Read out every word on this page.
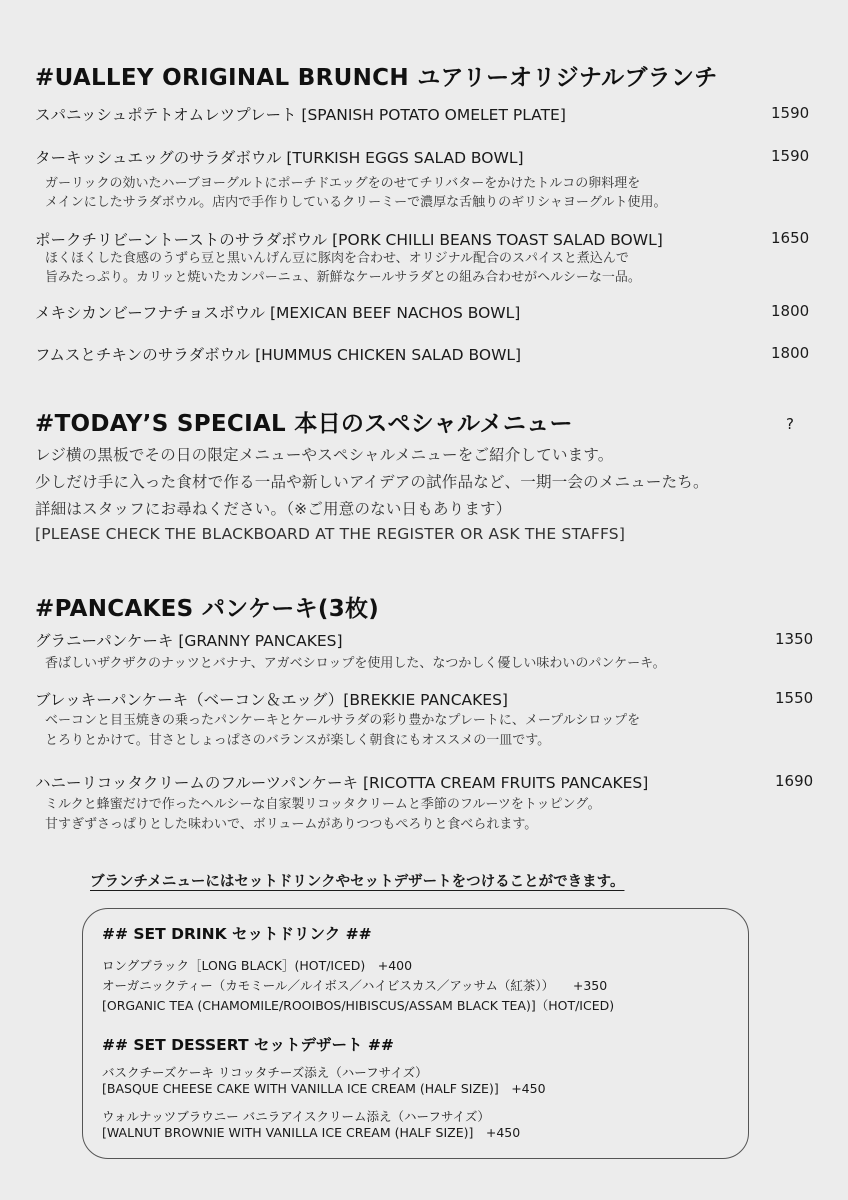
#UALLEY ORIGINAL BRUNCH ユアリーオリジナルブランチ
スパニッシュポテトオムレツプレート [SPANISH POTATO OMELET PLATE]	1590
ターキッシュエッグのサラダボウル [TURKISH EGGS SALAD BOWL]	1590
ガーリックの効いたハーブヨーグルトにポーチドエッグをのせてチリバターをかけたトルコの卵料理を
メインにしたサラダボウル。店内で手作りしているクリーミーで濃厚な舌触りのギリシャヨーグルト使用。
ポークチリビーントーストのサラダボウル [PORK CHILLI BEANS TOAST SALAD BOWL]	1650
ほくほくした食感のうずら豆と黒いんげん豆に豚肉を合わせ、オリジナル配合のスパイスと煮込んで
旨みたっぷり。カリッと焼いたカンパーニュ、新鮮なケールサラダとの組み合わせがヘルシーな一品。
メキシカンビーフナチョスボウル [MEXICAN BEEF NACHOS BOWL]	1800
フムスとチキンのサラダボウル [HUMMUS CHICKEN SALAD BOWL]	1800
#TODAY’S SPECIAL 本日のスペシャルメニュー	?
レジ横の黒板でその日の限定メニューやスペシャルメニューをご紹介しています。
少しだけ手に入った食材で作る一品や新しいアイデアの試作品など、一期一会のメニューたち。
詳細はスタッフにお尋ねください。（※ご用意のない日もあります）
[PLEASE CHECK THE BLACKBOARD AT THE REGISTER OR ASK THE STAFFS]
#PANCAKES パンケーキ(3枚)
グラニーパンケーキ [GRANNY PANCAKES]	1350
香ばしいザクザクのナッツとバナナ、アガベシロップを使用した、なつかしく優しい味わいのパンケーキ。
ブレッキーパンケーキ（ベーコン＆エッグ）[BREKKIE PANCAKES]	1550
ベーコンと目玉焼きの乗ったパンケーキとケールサラダの彩り豊かなプレートに、メープルシロップを
とろりとかけて。甘さとしょっぱさのバランスが楽しく朝食にもオススメの一皿です。
ハニーリコッタクリームのフルーツパンケーキ [RICOTTA CREAM FRUITS PANCAKES]	1690
ミルクと蜂蜜だけで作ったヘルシーな自家製リコッタクリームと季節のフルーツをトッピング。
甘すぎずさっぱりとした味わいで、ボリュームがありつつもぺろりと食べられます。
ブランチメニューにはセットドリンクやセットデザートをつけることができます。
## SET DRINK セットドリンク ##
ロングブラック［LONG BLACK］(HOT/ICED)　+400
オーガニックティー（カモミール／ルイボス／ハイビスカス／アッサム（紅茶））　　+350
[ORGANIC TEA (CHAMOMILE/ROOIBOS/HIBISCUS/ASSAM BLACK TEA)]（HOT/ICED)
## SET DESSERT セットデザート ##
バスクチーズケーキ リコッタチーズ添え（ハーフサイズ）
[BASQUE CHEESE CAKE WITH VANILLA ICE CREAM (HALF SIZE)]　+450
ウォルナッツブラウニー バニラアイスクリーム添え（ハーフサイズ）
[WALNUT BROWNIE WITH VANILLA ICE CREAM (HALF SIZE)]　+450
